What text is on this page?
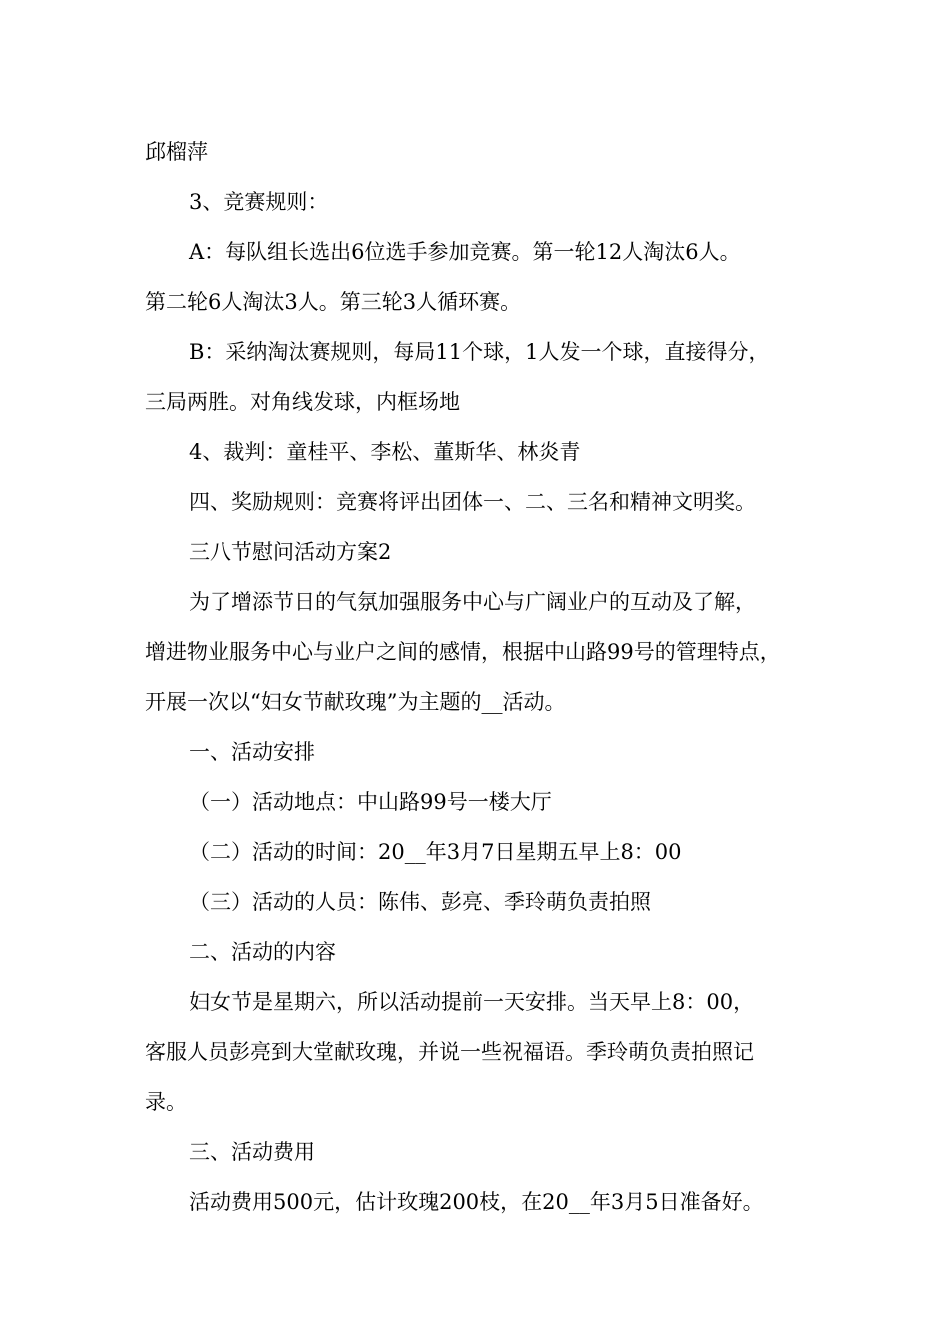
邱榴萍

3、竞赛规则：

A：每队组长选出6位选手参加竞赛。第一轮12人淘汰6人。

第二轮6人淘汰3人。第三轮3人循环赛。

B：采纳淘汰赛规则，每局11个球，1人发一个球，直接得分，

三局两胜。对角线发球，内框场地

4、裁判：童桂平、李松、董斯华、林炎青

四、奖励规则：竞赛将评出团体一、二、三名和精神文明奖。

三八节慰问活动方案2

为了增添节日的气氛加强服务中心与广阔业户的互动及了解，

增进物业服务中心与业户之间的感情，根据中山路99号的管理特点，

开展一次以“妇女节献玫瑰”为主题的__活动。

一、活动安排

（一）活动地点：中山路99号一楼大厅

（二）活动的时间：20__年3月7日星期五早上8：00

（三）活动的人员：陈伟、彭亮、季玲萌负责拍照

二、活动的内容

妇女节是星期六，所以活动提前一天安排。当天早上8：00，

客服人员彭亮到大堂献玫瑰，并说一些祝福语。季玲萌负责拍照记

录。

三、活动费用

活动费用500元，估计玫瑰200枝，在20__年3月5日准备好。
